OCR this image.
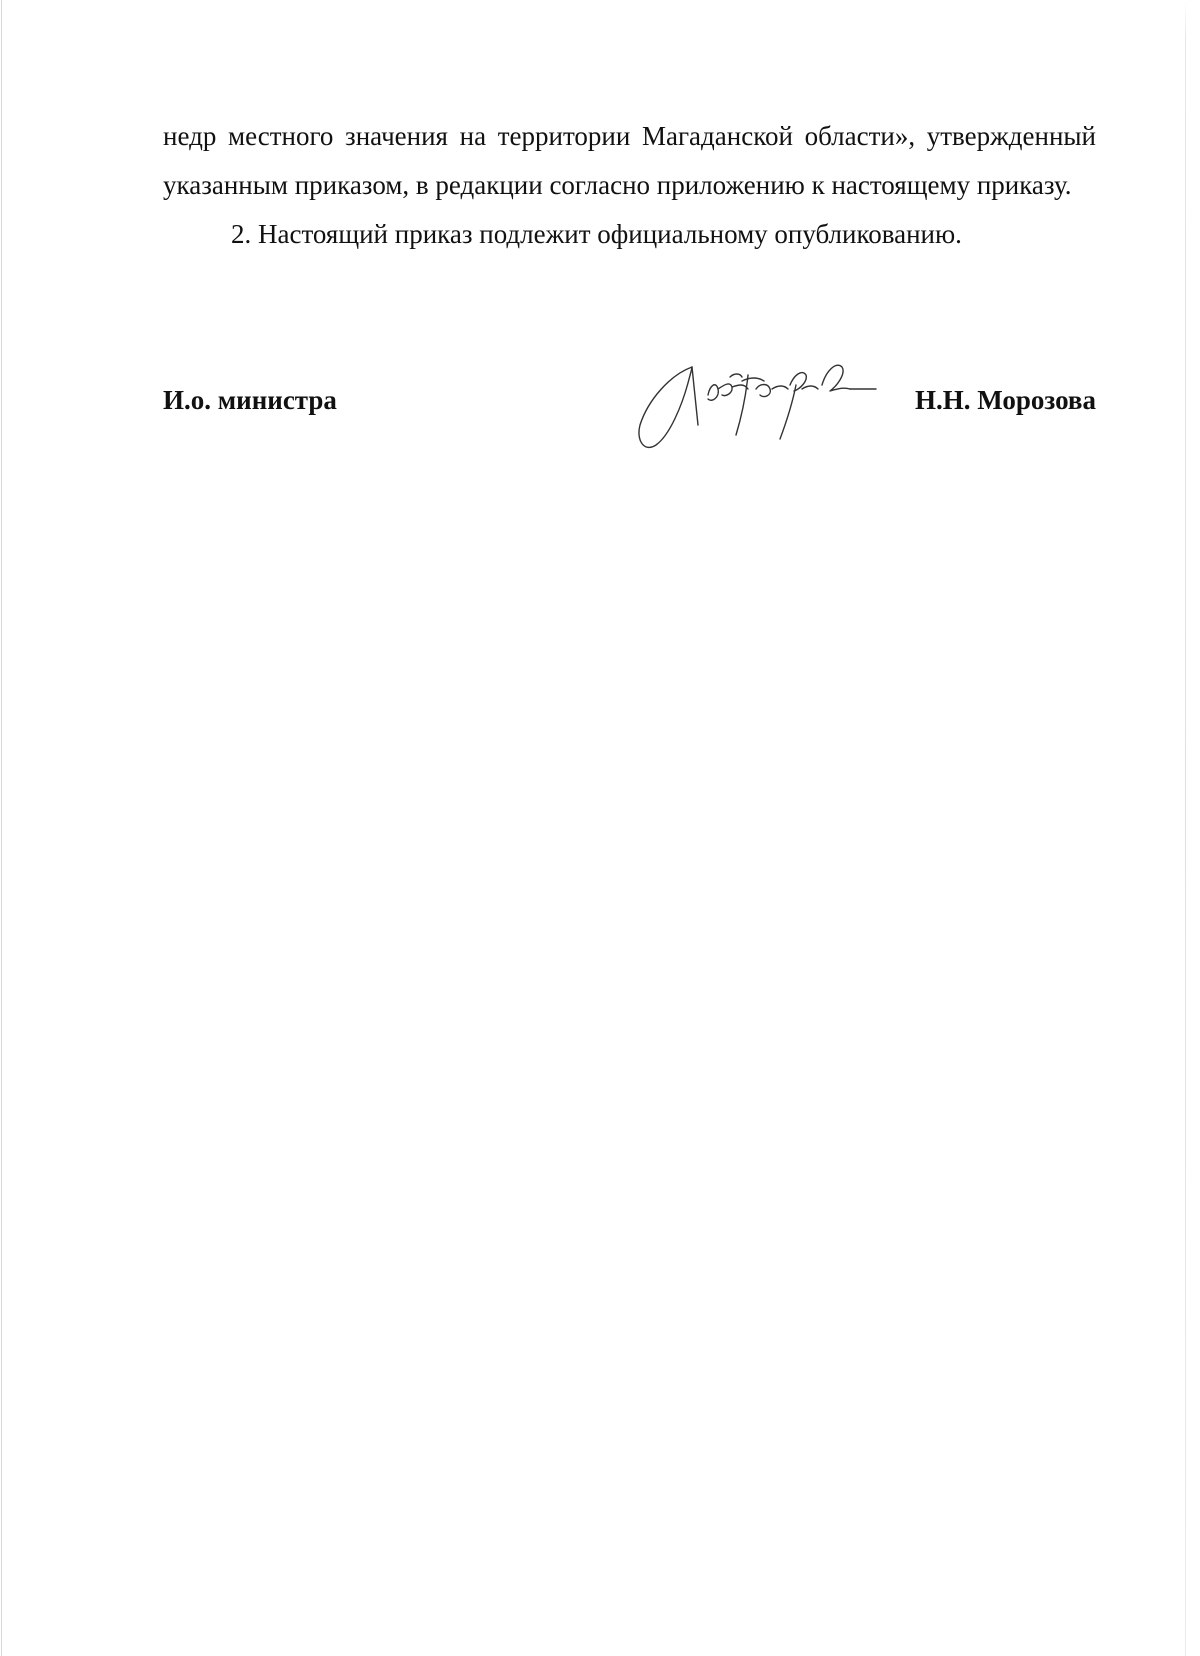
недр местного значения на территории Магаданской области», утвержденный указанным приказом, в редакции согласно приложению к настоящему приказу.

2. Настоящий приказ подлежит официальному опубликованию.

И.о. министра	Н.Н. Морозова
